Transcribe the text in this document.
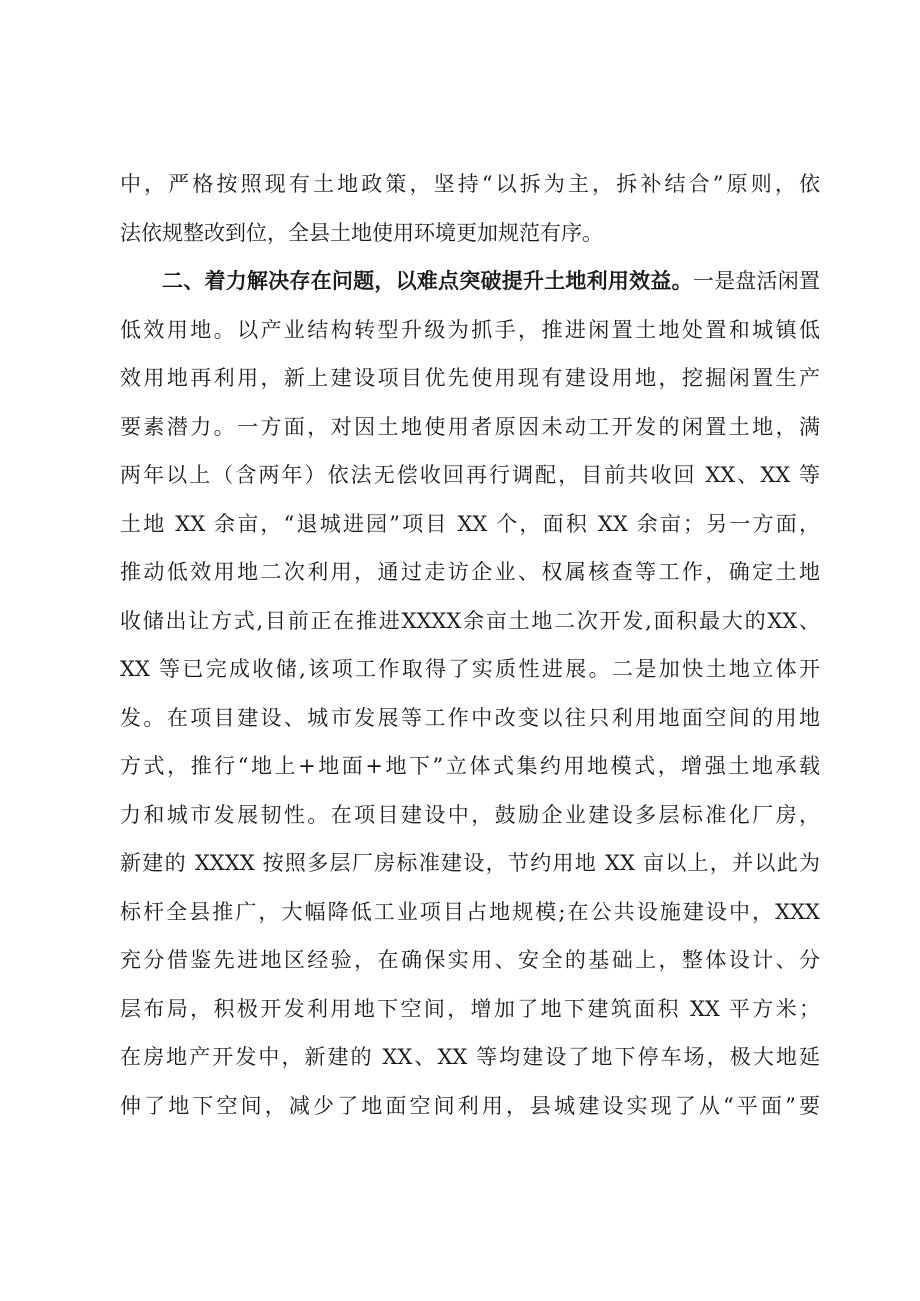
中，严格按照现有土地政策，坚持“以拆为主，拆补结合”原则，依
法依规整改到位，全县土地使用环境更加规范有序。
二、着力解决存在问题，以难点突破提升土地利用效益。一是盘活闲置
低效用地。以产业结构转型升级为抓手，推进闲置土地处置和城镇低
效用地再利用，新上建设项目优先使用现有建设用地，挖掘闲置生产
要素潜力。一方面，对因土地使用者原因未动工开发的闲置土地，满
两年以上（含两年）依法无偿收回再行调配，目前共收回 XX、XX 等
土地 XX 余亩，“退城进园”项目 XX 个，面积 XX 余亩；另一方面，
推动低效用地二次利用，通过走访企业、权属核查等工作，确定土地
收储出让方式,目前正在推进XXXX余亩土地二次开发,面积最大的XX、
XX 等已完成收储,该项工作取得了实质性进展。二是加快土地立体开
发。在项目建设、城市发展等工作中改变以往只利用地面空间的用地
方式，推行“地上+地面+地下”立体式集约用地模式，增强土地承载
力和城市发展韧性。在项目建设中，鼓励企业建设多层标准化厂房，
新建的 XXXX 按照多层厂房标准建设，节约用地 XX 亩以上，并以此为
标杆全县推广，大幅降低工业项目占地规模;在公共设施建设中，XXX
充分借鉴先进地区经验，在确保实用、安全的基础上，整体设计、分
层布局，积极开发利用地下空间，增加了地下建筑面积 XX 平方米；
在房地产开发中，新建的 XX、XX 等均建设了地下停车场，极大地延
伸了地下空间，减少了地面空间利用，县城建设实现了从“平面”要
